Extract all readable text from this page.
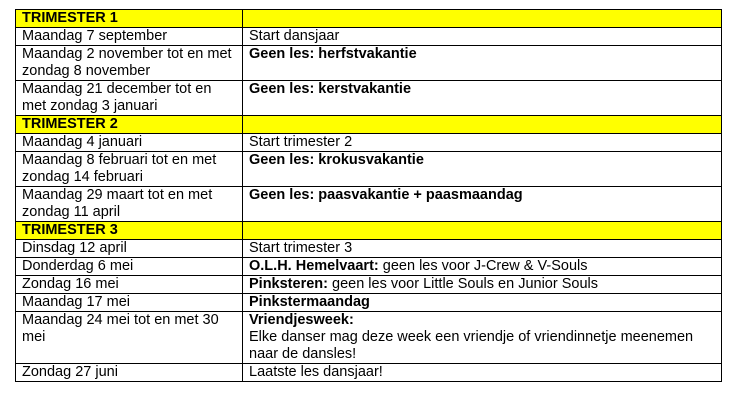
TRIMESTER 1	
Maandag 7 september	Start dansjaar
Maandag 2 november tot en met zondag 8 november	Geen les: herfstvakantie
Maandag 21 december tot en met zondag 3 januari	Geen les: kerstvakantie
TRIMESTER 2	
Maandag 4 januari	Start trimester 2
Maandag 8 februari tot en met zondag 14 februari	Geen les: krokusvakantie
Maandag 29 maart tot en met zondag 11 april	Geen les: paasvakantie + paasmaandag
TRIMESTER 3	
Dinsdag 12 april	Start trimester 3
Donderdag 6 mei	O.L.H. Hemelvaart: geen les voor J-Crew & V-Souls
Zondag 16 mei	Pinksteren: geen les voor Little Souls en Junior Souls
Maandag 17 mei	Pinkstermaandag
Maandag 24 mei tot en met 30 mei	Vriendjesweek:
Elke danser mag deze week een vriendje of vriendinnetje meenemen naar de dansles!
Zondag 27 juni	Laatste les dansjaar!
